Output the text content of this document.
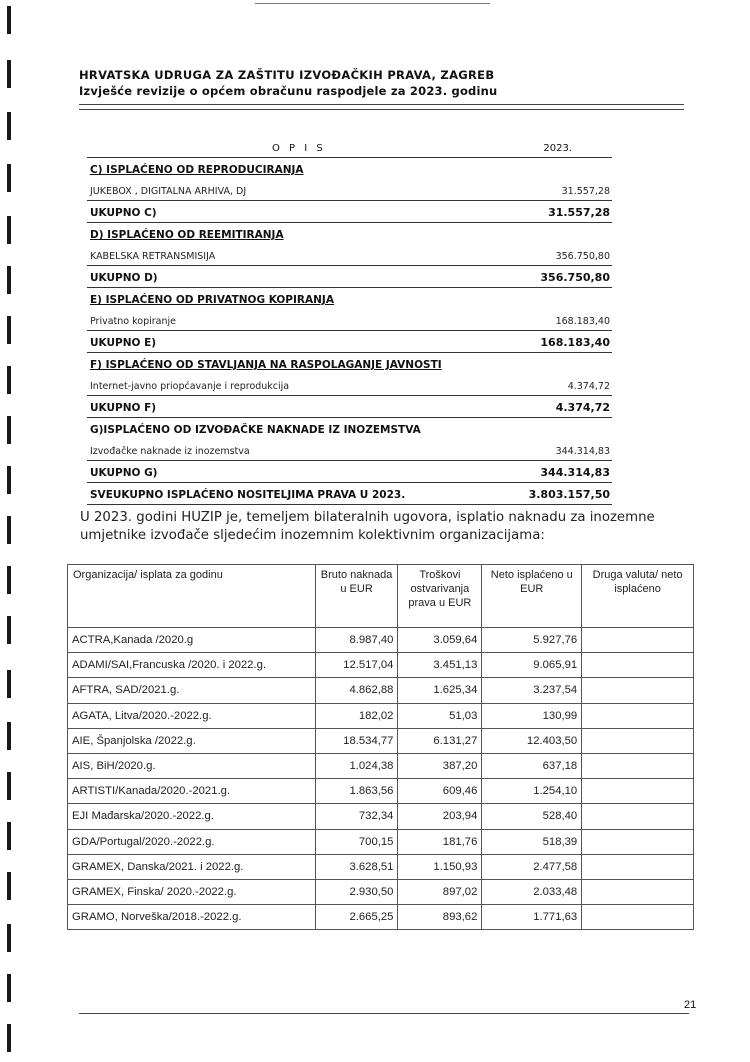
HRVATSKA UDRUGA ZA ZAŠTITU IZVOĐAČKIH PRAVA, ZAGREB
Izvješće revizije o općem obračunu raspodjele za 2023. godinu
O P I S	2023.
C) ISPLAĆENO OD REPRODUCIRANJA
JUKEBOX , DIGITALNA ARHIVA, DJ	31.557,28
UKUPNO C)	31.557,28
D) ISPLAĆENO OD REEMITIRANJA
KABELSKA RETRANSMISIJA	356.750,80
UKUPNO D)	356.750,80
E) ISPLAĆENO OD PRIVATNOG KOPIRANJA
Privatno kopiranje	168.183,40
UKUPNO E)	168.183,40
F) ISPLAĆENO OD STAVLJANJA NA RASPOLAGANJE JAVNOSTI
Internet-javno priopćavanje i reprodukcija	4.374,72
UKUPNO F)	4.374,72
G)ISPLAĆENO OD IZVOĐAČKE NAKNADE IZ INOZEMSTVA
Izvođačke naknade iz inozemstva	344.314,83
UKUPNO G)	344.314,83
SVEUKUPNO ISPLAĆENO NOSITELJIMA PRAVA U 2023.	3.803.157,50
U 2023. godini HUZIP je, temeljem bilateralnih ugovora, isplatio naknadu za inozemne umjetnike izvođače sljedećim inozemnim kolektivnim organizacijama:
Organizacija/ isplata za godinu	Bruto naknada u EUR	Troškovi ostvarivanja prava u EUR	Neto isplaćeno u EUR	Druga valuta/ neto isplaćeno
ACTRA,Kanada /2020.g	8.987,40	3.059,64	5.927,76	
ADAMI/SAI,Francuska /2020. i 2022.g.	12.517,04	3.451,13	9.065,91	
AFTRA, SAD/2021.g.	4.862,88	1.625,34	3.237,54	
AGATA, Litva/2020.-2022.g.	182,02	51,03	130,99	
AIE, Španjolska /2022.g.	18.534,77	6.131,27	12.403,50	
AIS, BiH/2020.g.	1.024,38	387,20	637,18	
ARTISTI/Kanada/2020.-2021.g.	1.863,56	609,46	1.254,10	
EJI Mađarska/2020.-2022.g.	732,34	203,94	528,40	
GDA/Portugal/2020.-2022.g.	700,15	181,76	518,39	
GRAMEX, Danska/2021. i 2022.g.	3.628,51	1.150,93	2.477,58	
GRAMEX, Finska/ 2020.-2022.g.	2.930,50	897,02	2.033,48	
GRAMO, Norveška/2018.-2022.g.	2.665,25	893,62	1.771,63	
21
